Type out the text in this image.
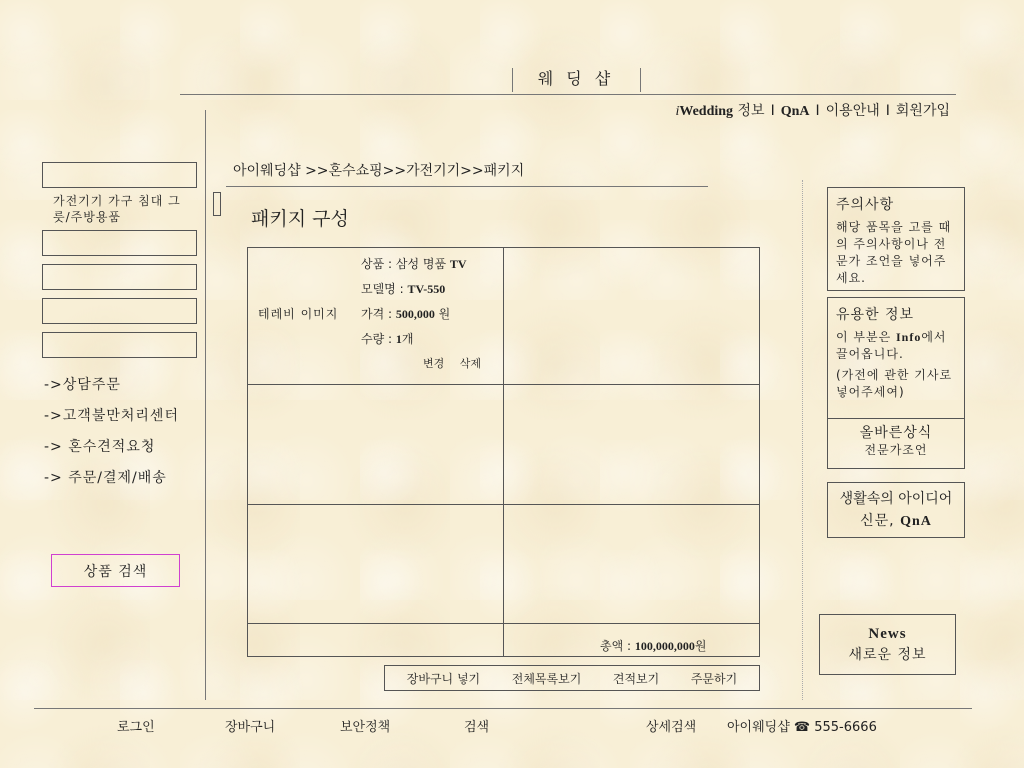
웨 딩 샵
iWedding 정보 I QnA I 이용안내 I 회원가입
가전기기 가구 침대 그릇/주방용품
->상담주문
->고객불만처리센터
-> 혼수견적요청
-> 주문/결제/배송
상품 검색
아이웨딩샵 >>혼수쇼핑>>가전기기>>패키지
패키지 구성
테레비 이미지
상품 : 삼성 명품 TV
모델명 : TV-550
가격 : 500,000 원
수량 : 1개
변경 삭제
총액 : 100,000,000원
장바구니 넣기	전체목록보기	견적보기	주문하기
주의사항
해당 품목을 고를 때의 주의사항이나 전문가 조언을 넣어주세요.
유용한 정보
이 부분은 Info에서 끌어옵니다.
(가전에 관한 기사로 넣어주세여)
올바른상식
전문가조언
생활속의 아이디어
신문, QnA
News
새로운 정보
로그인	장바구니	보안정책	검색	상세검색 아이웨딩샵 ☎ 555-6666
